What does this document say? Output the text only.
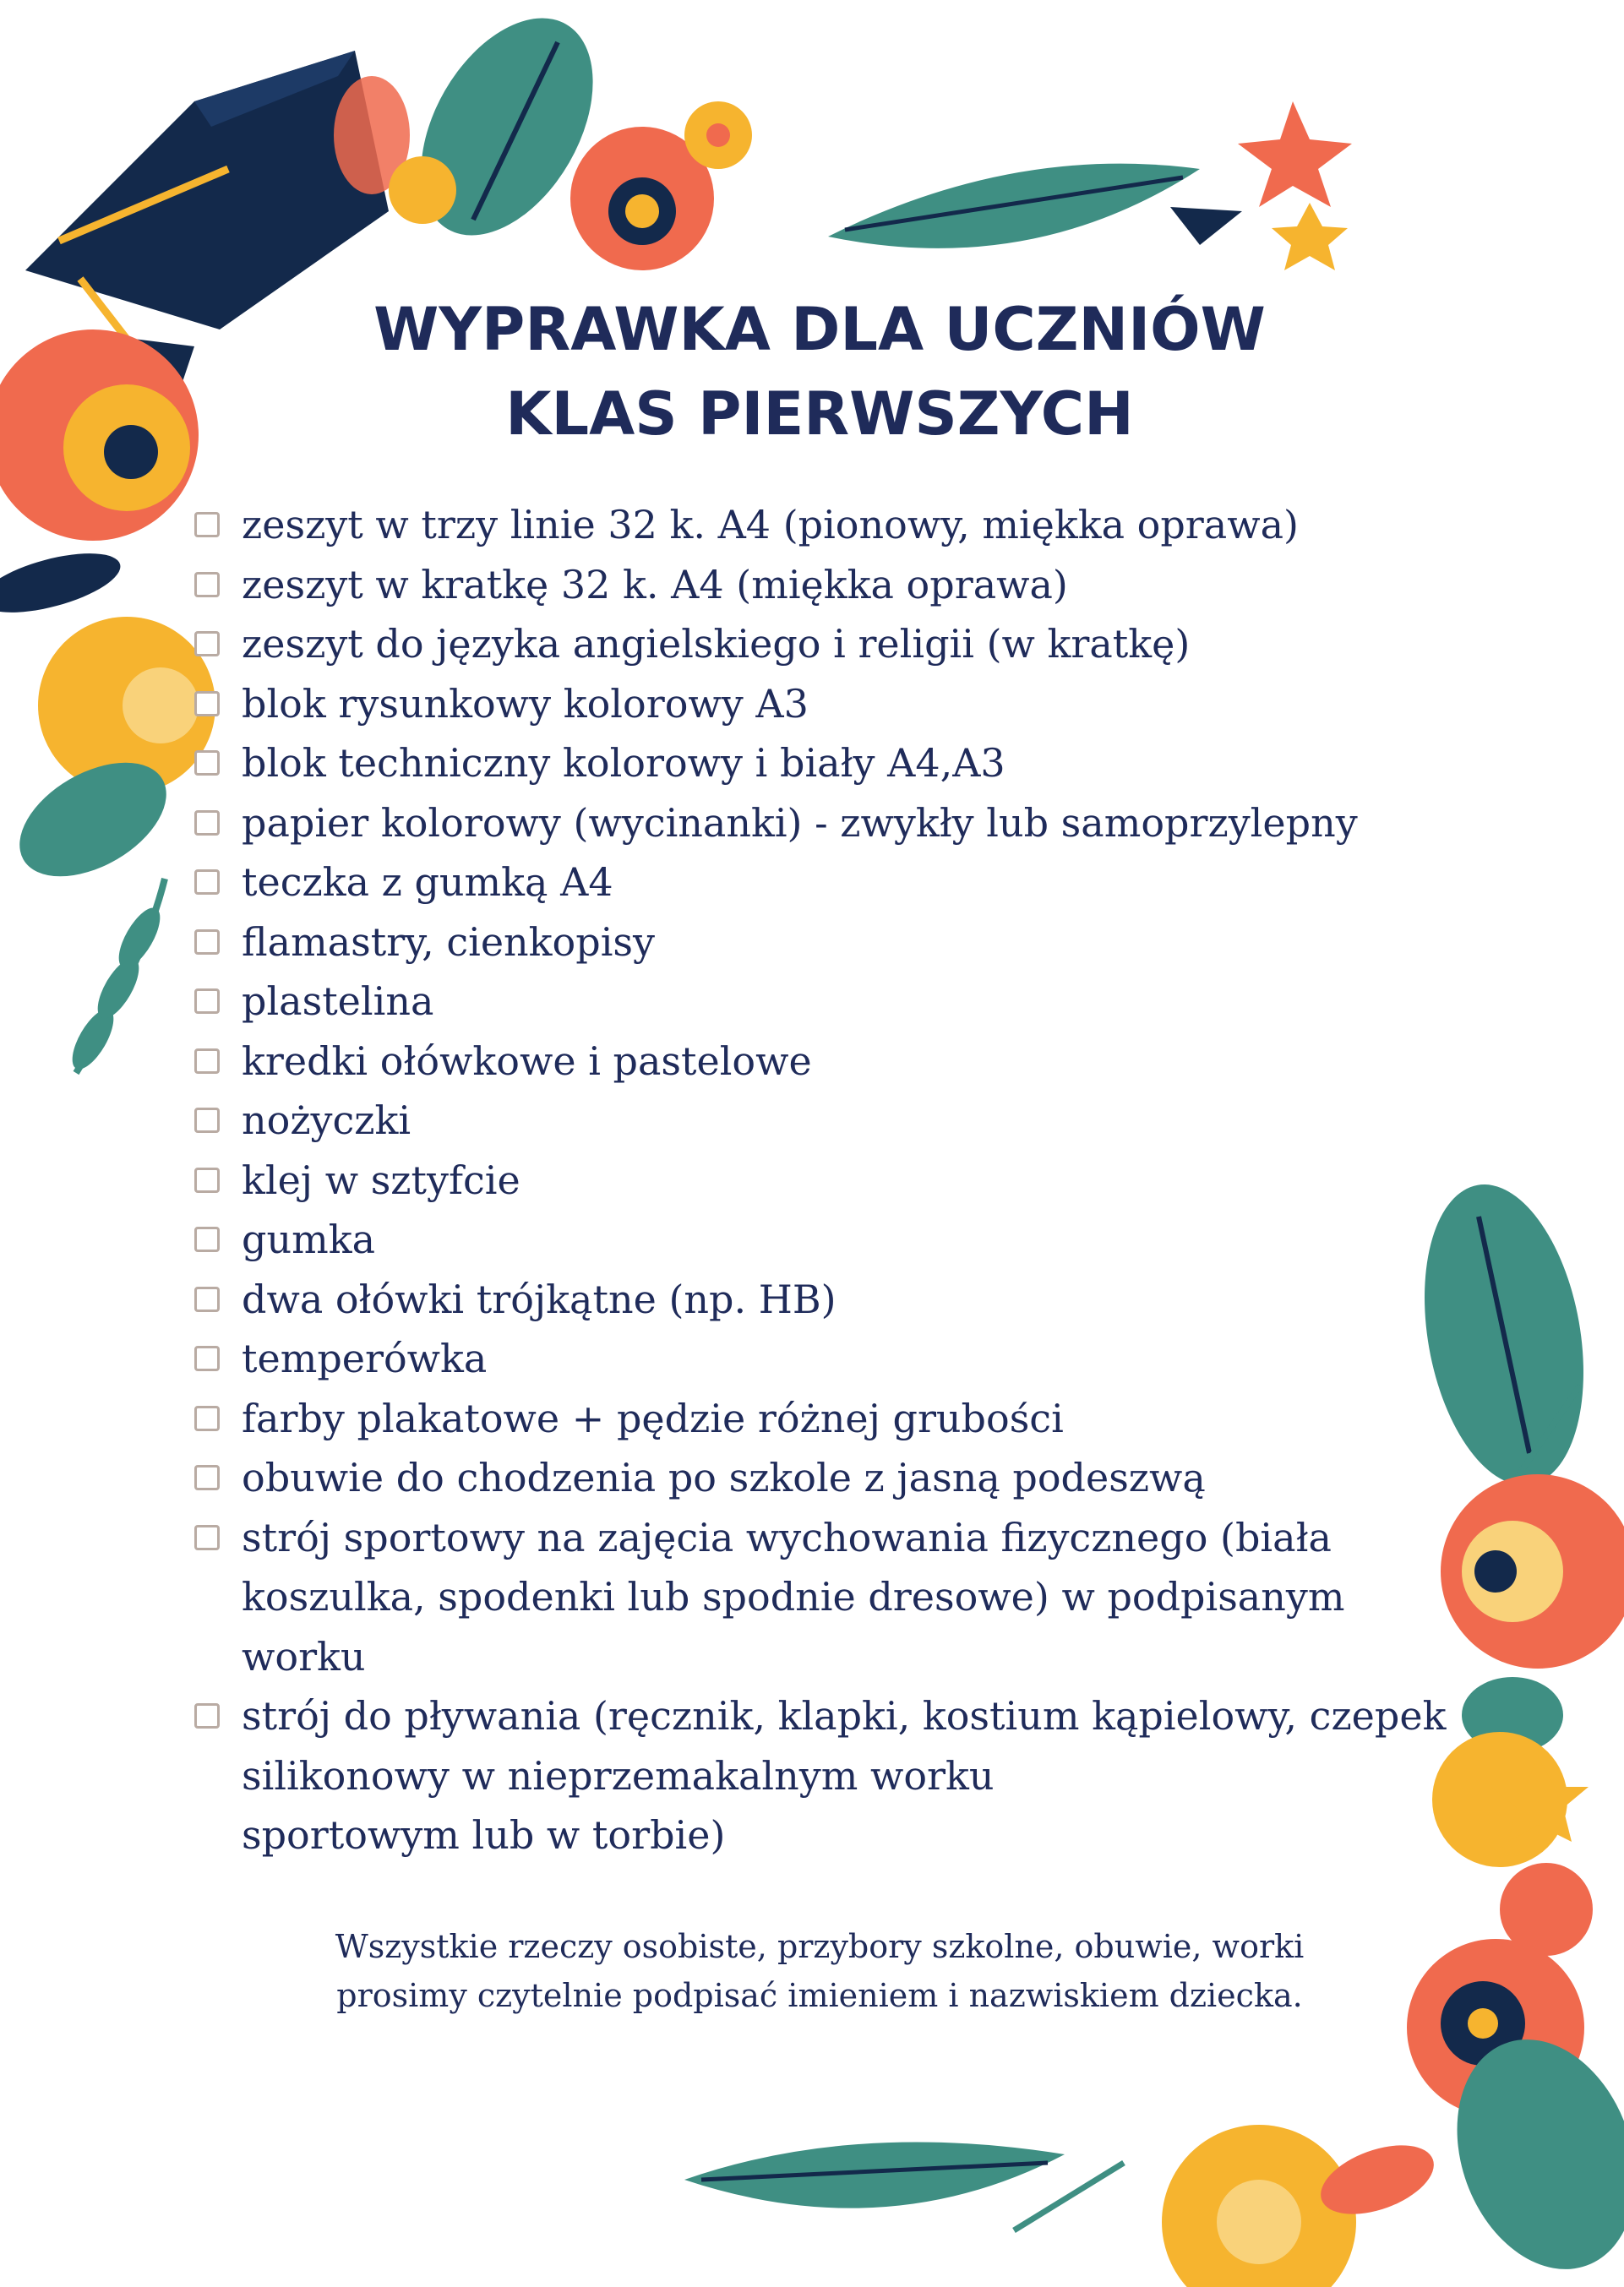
WYPRAWKA DLA UCZNIÓW
KLAS PIERWSZYCH
zeszyt w trzy linie 32 k. A4 (pionowy, miękka oprawa)
zeszyt w kratkę 32 k. A4 (miękka oprawa)
zeszyt do języka angielskiego i religii (w kratkę)
blok rysunkowy kolorowy A3
blok techniczny kolorowy i biały A4,A3
papier kolorowy (wycinanki) - zwykły lub samoprzylepny
teczka z gumką A4
flamastry, cienkopisy
plastelina
kredki ołówkowe i pastelowe
nożyczki
klej w sztyfcie
gumka
dwa ołówki trójkątne (np. HB)
temperówka
farby plakatowe + pędzie różnej grubości
obuwie do chodzenia po szkole z jasną podeszwą
strój sportowy na zajęcia wychowania fizycznego (biała
koszulka, spodenki lub spodnie dresowe) w podpisanym worku
strój do pływania (ręcznik, klapki, kostium kąpielowy, czepek
silikonowy w nieprzemakalnym worku
sportowym lub w torbie)

Wszystkie rzeczy osobiste, przybory szkolne, obuwie, worki
prosimy czytelnie podpisać imieniem i nazwiskiem dziecka.
